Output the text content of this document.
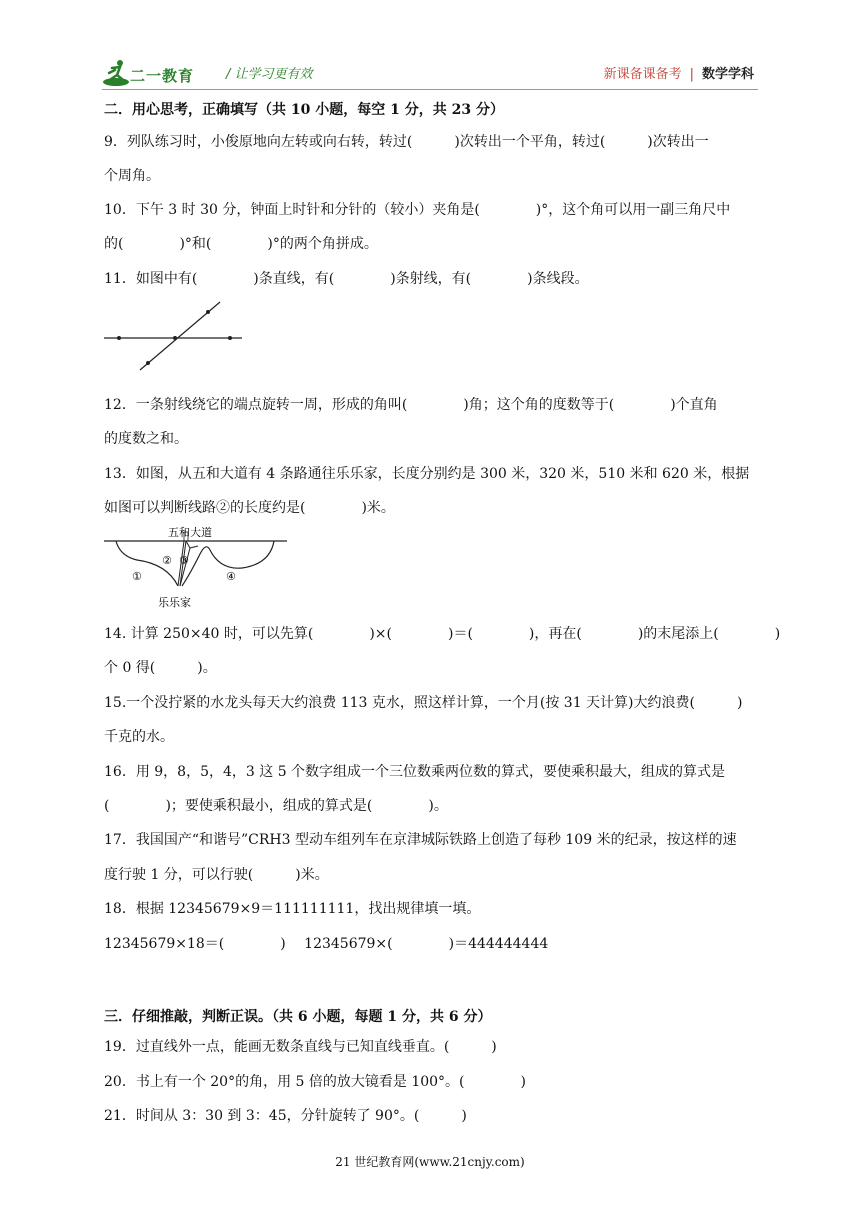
二一教育 / 让学习更有效	新课备课备考 | 数学学科
二．用心思考，正确填写（共 10 小题，每空 1 分，共 23 分）
9．列队练习时，小俊原地向左转或向右转，转过(　　　)次转出一个平角，转过(　　　)次转出一
个周角。
10．下午 3 时 30 分，钟面上时针和分针的（较小）夹角是(　　　　)°，这个角可以用一副三角尺中
的(　　　　)°和(　　　　)°的两个角拼成。
11．如图中有(　　　　)条直线，有(　　　　)条射线，有(　　　　)条线段。
12．一条射线绕它的端点旋转一周，形成的角叫(　　　　)角；这个角的度数等于(　　　　)个直角
的度数之和。
13．如图，从五和大道有 4 条路通往乐乐家，长度分别约是 300 米，320 米，510 米和 620 米，根据
如图可以判断线路②的长度约是(　　　　)米。
五和大道
①
② ③
④
乐乐家
14. 计算 250×40 时，可以先算(　　　　)×(　　　　)＝(　　　　)，再在(　　　　)的末尾添上(　　　　)
个 0 得(　　　)。
15.一个没拧紧的水龙头每天大约浪费 113 克水，照这样计算，一个月(按 31 天计算)大约浪费(　　　)
千克的水。
16．用 9，8，5，4，3 这 5 个数字组成一个三位数乘两位数的算式，要使乘积最大，组成的算式是
(　　　　)；要使乘积最小，组成的算式是(　　　　)。
17．我国国产“和谐号”CRH3 型动车组列车在京津城际铁路上创造了每秒 109 米的纪录，按这样的速
度行驶 1 分，可以行驶(　　　)米。
18．根据 12345679×9＝111111111，找出规律填一填。
12345679×18＝(　　　　)　 12345679×(　　　　)＝444444444
三．仔细推敲，判断正误。（共 6 小题，每题 1 分，共 6 分）
19．过直线外一点，能画无数条直线与已知直线垂直。(　　　)
20．书上有一个 20°的角，用 5 倍的放大镜看是 100°。(　　　　)
21．时间从 3：30 到 3：45，分针旋转了 90°。(　　　)
21 世纪教育网(www.21cnjy.com)
